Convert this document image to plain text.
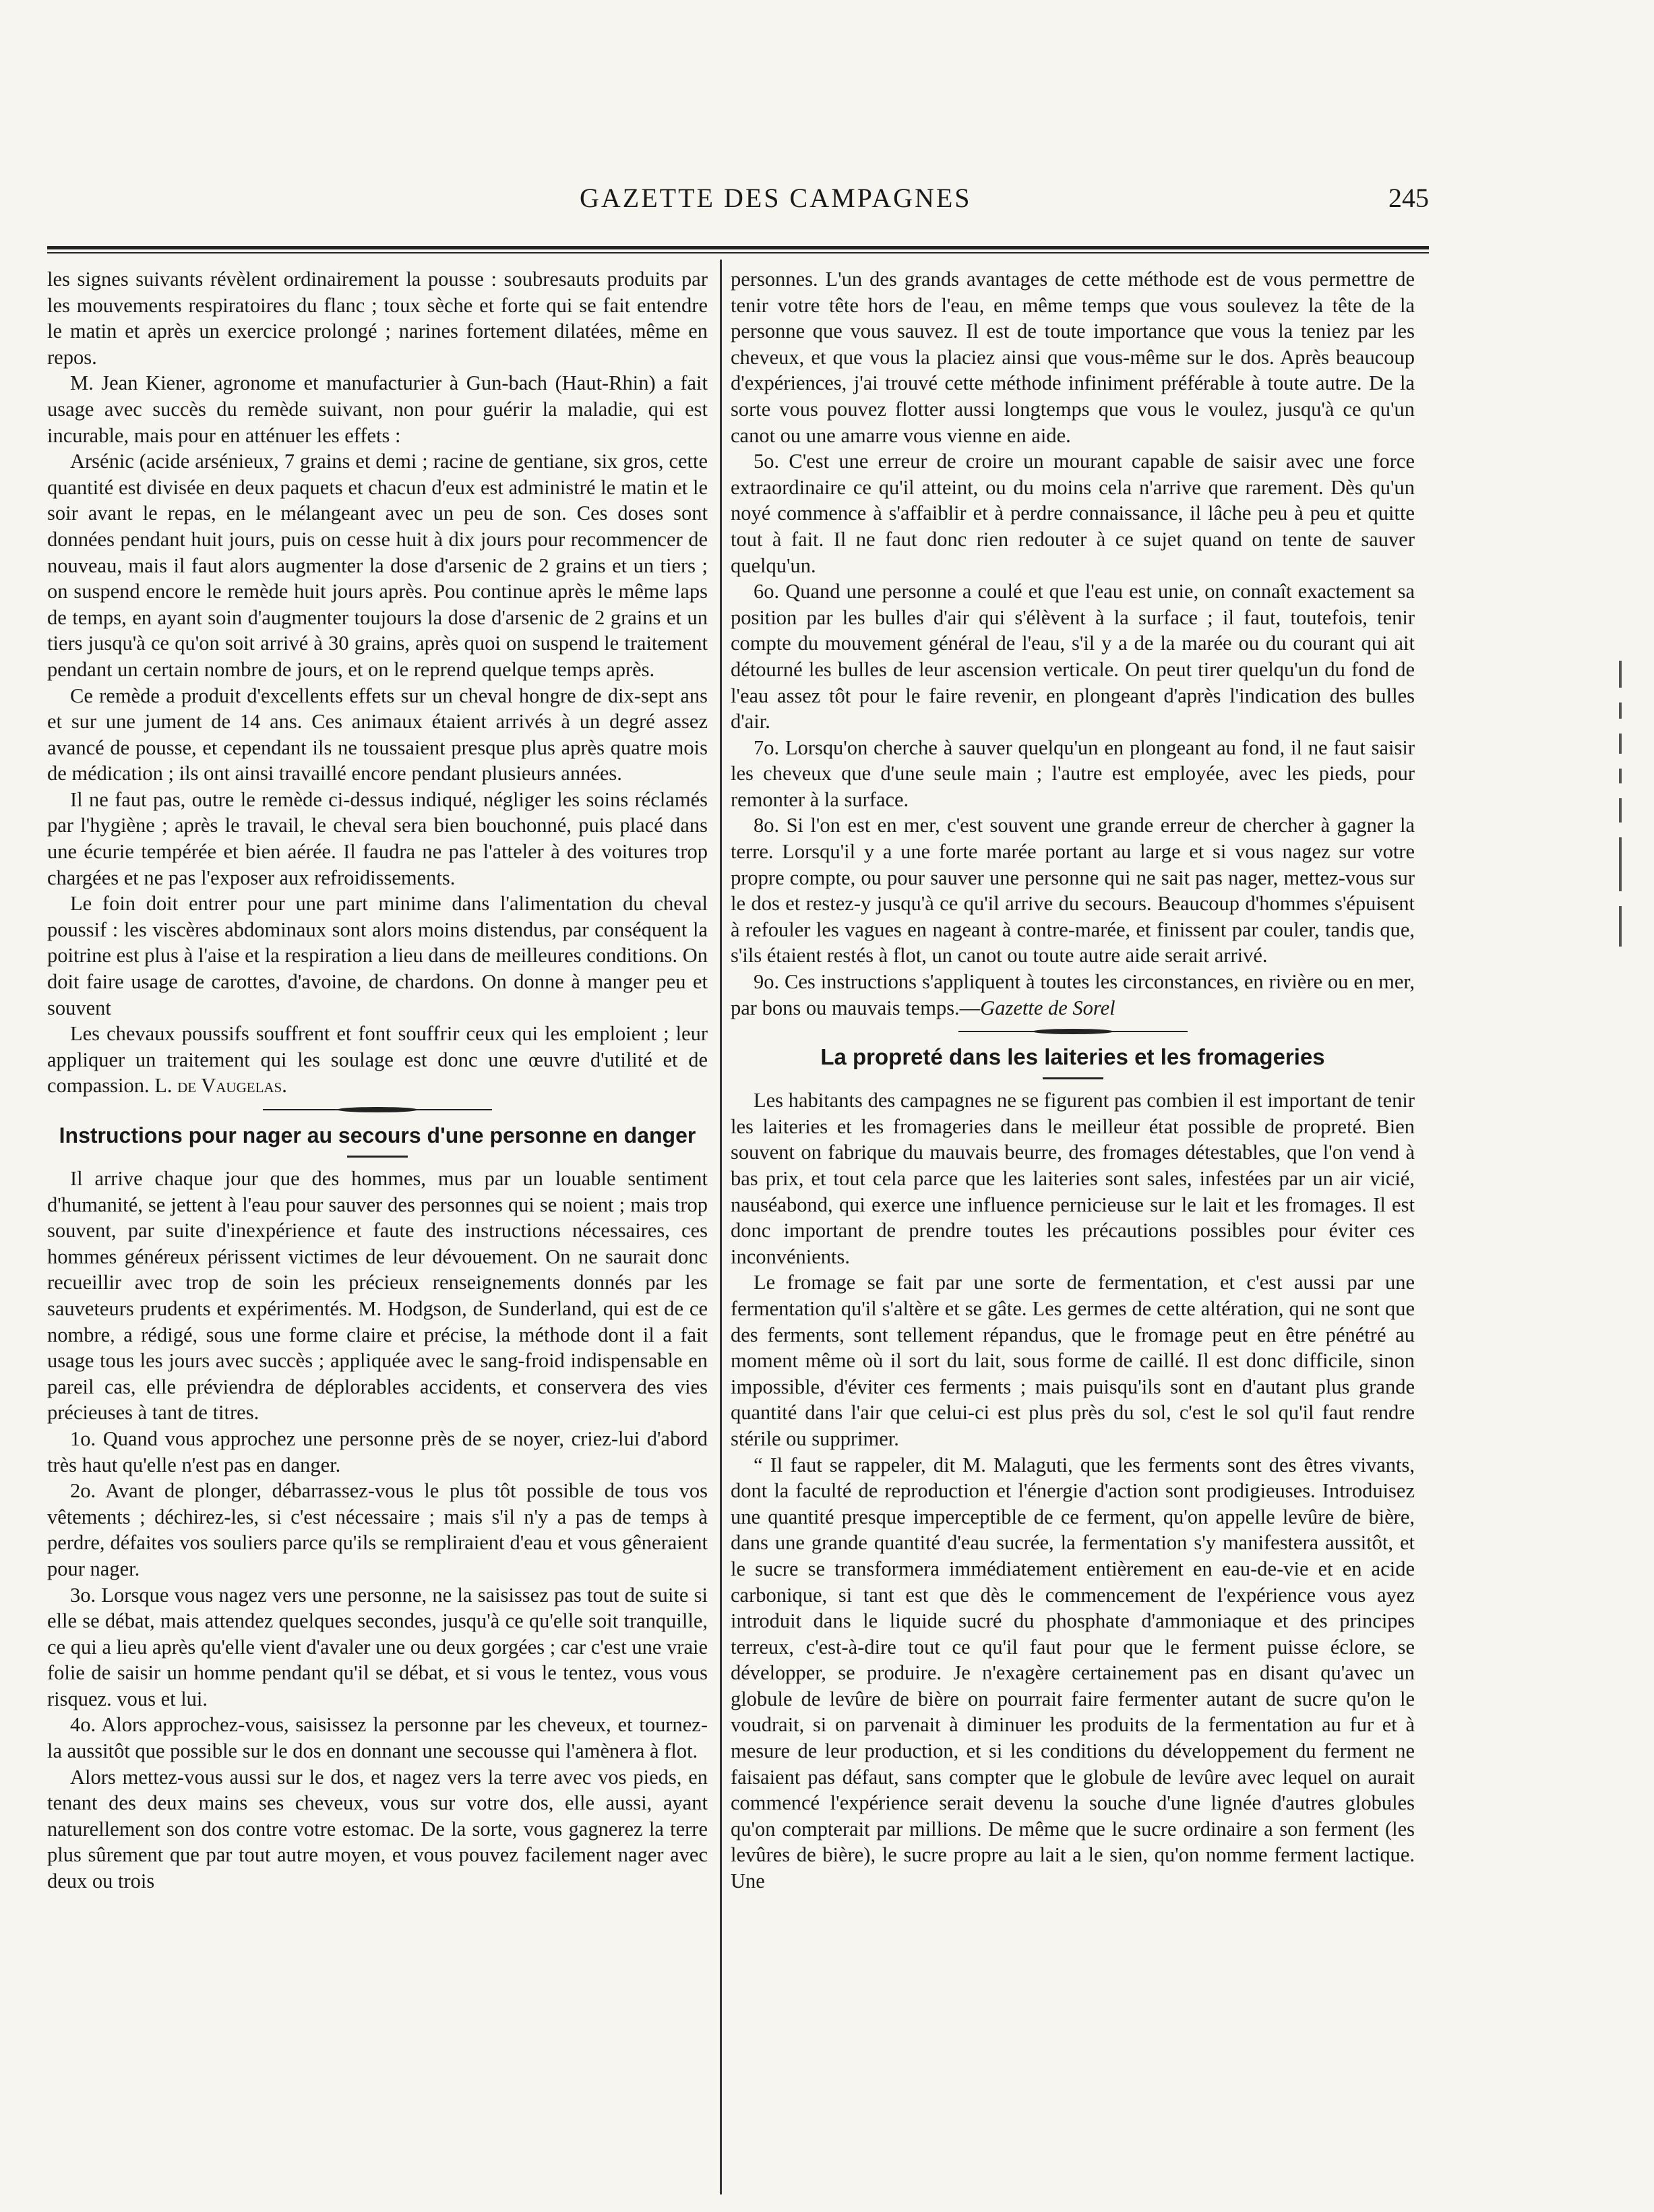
GAZETTE DES CAMPAGNES	245

les signes suivants révèlent ordinairement la pousse : soubresauts produits par les mouvements respiratoires du flanc ; toux sèche et forte qui se fait entendre le matin et après un exercice prolongé ; narines fortement dilatées, même en repos.

M. Jean Kiener, agronome et manufacturier à Gun-bach (Haut-Rhin) a fait usage avec succès du remède suivant, non pour guérir la maladie, qui est incurable, mais pour en atténuer les effets :

Arsénic (acide arsénieux, 7 grains et demi ; racine de gentiane, six gros, cette quantité est divisée en deux paquets et chacun d'eux est administré le matin et le soir avant le repas, en le mélangeant avec un peu de son. Ces doses sont données pendant huit jours, puis on cesse huit à dix jours pour recommencer de nouveau, mais il faut alors augmenter la dose d'arsenic de 2 grains et un tiers ; on suspend encore le remède huit jours après. Pou continue après le même laps de temps, en ayant soin d'augmenter toujours la dose d'arsenic de 2 grains et un tiers jusqu'à ce qu'on soit arrivé à 30 grains, après quoi on suspend le traitement pendant un certain nombre de jours, et on le reprend quelque temps après.

Ce remède a produit d'excellents effets sur un cheval hongre de dix-sept ans et sur une jument de 14 ans. Ces animaux étaient arrivés à un degré assez avancé de pousse, et cependant ils ne toussaient presque plus après quatre mois de médication ; ils ont ainsi travaillé encore pendant plusieurs années.

Il ne faut pas, outre le remède ci-dessus indiqué, négliger les soins réclamés par l'hygiène ; après le travail, le cheval sera bien bouchonné, puis placé dans une écurie tempérée et bien aérée. Il faudra ne pas l'atteler à des voitures trop chargées et ne pas l'exposer aux refroidissements.

Le foin doit entrer pour une part minime dans l'alimentation du cheval poussif : les viscères abdominaux sont alors moins distendus, par conséquent la poitrine est plus à l'aise et la respiration a lieu dans de meilleures conditions. On doit faire usage de carottes, d'avoine, de chardons. On donne à manger peu et souvent

Les chevaux poussifs souffrent et font souffrir ceux qui les emploient ; leur appliquer un traitement qui les soulage est donc une œuvre d'utilité et de compassion. L. de Vaugelas.

Instructions pour nager au secours d'une personne en danger

Il arrive chaque jour que des hommes, mus par un louable sentiment d'humanité, se jettent à l'eau pour sauver des personnes qui se noient ; mais trop souvent, par suite d'inexpérience et faute des instructions nécessaires, ces hommes généreux périssent victimes de leur dévouement. On ne saurait donc recueillir avec trop de soin les précieux renseignements donnés par les sauveteurs prudents et expérimentés. M. Hodgson, de Sunderland, qui est de ce nombre, a rédigé, sous une forme claire et précise, la méthode dont il a fait usage tous les jours avec succès ; appliquée avec le sang-froid indispensable en pareil cas, elle préviendra de déplorables accidents, et conservera des vies précieuses à tant de titres.

1o. Quand vous approchez une personne près de se noyer, criez-lui d'abord très haut qu'elle n'est pas en danger.

2o. Avant de plonger, débarrassez-vous le plus tôt possible de tous vos vêtements ; déchirez-les, si c'est nécessaire ; mais s'il n'y a pas de temps à perdre, défaites vos souliers parce qu'ils se rempliraient d'eau et vous gêneraient pour nager.

3o. Lorsque vous nagez vers une personne, ne la saisissez pas tout de suite si elle se débat, mais attendez quelques secondes, jusqu'à ce qu'elle soit tranquille, ce qui a lieu après qu'elle vient d'avaler une ou deux gorgées ; car c'est une vraie folie de saisir un homme pendant qu'il se débat, et si vous le tentez, vous vous risquez. vous et lui.

4o. Alors approchez-vous, saisissez la personne par les cheveux, et tournez-la aussitôt que possible sur le dos en donnant une secousse qui l'amènera à flot.

Alors mettez-vous aussi sur le dos, et nagez vers la terre avec vos pieds, en tenant des deux mains ses cheveux, vous sur votre dos, elle aussi, ayant naturellement son dos contre votre estomac. De la sorte, vous gagnerez la terre plus sûrement que par tout autre moyen, et vous pouvez facilement nager avec deux ou trois

personnes. L'un des grands avantages de cette méthode est de vous permettre de tenir votre tête hors de l'eau, en même temps que vous soulevez la tête de la personne que vous sauvez. Il est de toute importance que vous la teniez par les cheveux, et que vous la placiez ainsi que vous-même sur le dos. Après beaucoup d'expériences, j'ai trouvé cette méthode infiniment préférable à toute autre. De la sorte vous pouvez flotter aussi longtemps que vous le voulez, jusqu'à ce qu'un canot ou une amarre vous vienne en aide.

5o. C'est une erreur de croire un mourant capable de saisir avec une force extraordinaire ce qu'il atteint, ou du moins cela n'arrive que rarement. Dès qu'un noyé commence à s'affaiblir et à perdre connaissance, il lâche peu à peu et quitte tout à fait. Il ne faut donc rien redouter à ce sujet quand on tente de sauver quelqu'un.

6o. Quand une personne a coulé et que l'eau est unie, on connaît exactement sa position par les bulles d'air qui s'élèvent à la surface ; il faut, toutefois, tenir compte du mouvement général de l'eau, s'il y a de la marée ou du courant qui ait détourné les bulles de leur ascension verticale. On peut tirer quelqu'un du fond de l'eau assez tôt pour le faire revenir, en plongeant d'après l'indication des bulles d'air.

7o. Lorsqu'on cherche à sauver quelqu'un en plongeant au fond, il ne faut saisir les cheveux que d'une seule main ; l'autre est employée, avec les pieds, pour remonter à la surface.

8o. Si l'on est en mer, c'est souvent une grande erreur de chercher à gagner la terre. Lorsqu'il y a une forte marée portant au large et si vous nagez sur votre propre compte, ou pour sauver une personne qui ne sait pas nager, mettez-vous sur le dos et restez-y jusqu'à ce qu'il arrive du secours. Beaucoup d'hommes s'épuisent à refouler les vagues en nageant à contre-marée, et finissent par couler, tandis que, s'ils étaient restés à flot, un canot ou toute autre aide serait arrivé.

9o. Ces instructions s'appliquent à toutes les circonstances, en rivière ou en mer, par bons ou mauvais temps.—Gazette de Sorel

La propreté dans les laiteries et les fromageries

Les habitants des campagnes ne se figurent pas combien il est important de tenir les laiteries et les fromageries dans le meilleur état possible de propreté. Bien souvent on fabrique du mauvais beurre, des fromages détestables, que l'on vend à bas prix, et tout cela parce que les laiteries sont sales, infestées par un air vicié, nauséabond, qui exerce une influence pernicieuse sur le lait et les fromages. Il est donc important de prendre toutes les précautions possibles pour éviter ces inconvénients.

Le fromage se fait par une sorte de fermentation, et c'est aussi par une fermentation qu'il s'altère et se gâte. Les germes de cette altération, qui ne sont que des ferments, sont tellement répandus, que le fromage peut en être pénétré au moment même où il sort du lait, sous forme de caillé. Il est donc difficile, sinon impossible, d'éviter ces ferments ; mais puisqu'ils sont en d'autant plus grande quantité dans l'air que celui-ci est plus près du sol, c'est le sol qu'il faut rendre stérile ou supprimer.

“ Il faut se rappeler, dit M. Malaguti, que les ferments sont des êtres vivants, dont la faculté de reproduction et l'énergie d'action sont prodigieuses. Introduisez une quantité presque imperceptible de ce ferment, qu'on appelle levûre de bière, dans une grande quantité d'eau sucrée, la fermentation s'y manifestera aussitôt, et le sucre se transformera immédiatement entièrement en eau-de-vie et en acide carbonique, si tant est que dès le commencement de l'expérience vous ayez introduit dans le liquide sucré du phosphate d'ammoniaque et des principes terreux, c'est-à-dire tout ce qu'il faut pour que le ferment puisse éclore, se développer, se produire. Je n'exagère certainement pas en disant qu'avec un globule de levûre de bière on pourrait faire fermenter autant de sucre qu'on le voudrait, si on parvenait à diminuer les produits de la fermentation au fur et à mesure de leur production, et si les conditions du développement du ferment ne faisaient pas défaut, sans compter que le globule de levûre avec lequel on aurait commencé l'expérience serait devenu la souche d'une lignée d'autres globules qu'on compterait par millions. De même que le sucre ordinaire a son ferment (les levûres de bière), le sucre propre au lait a le sien, qu'on nomme ferment lactique. Une
